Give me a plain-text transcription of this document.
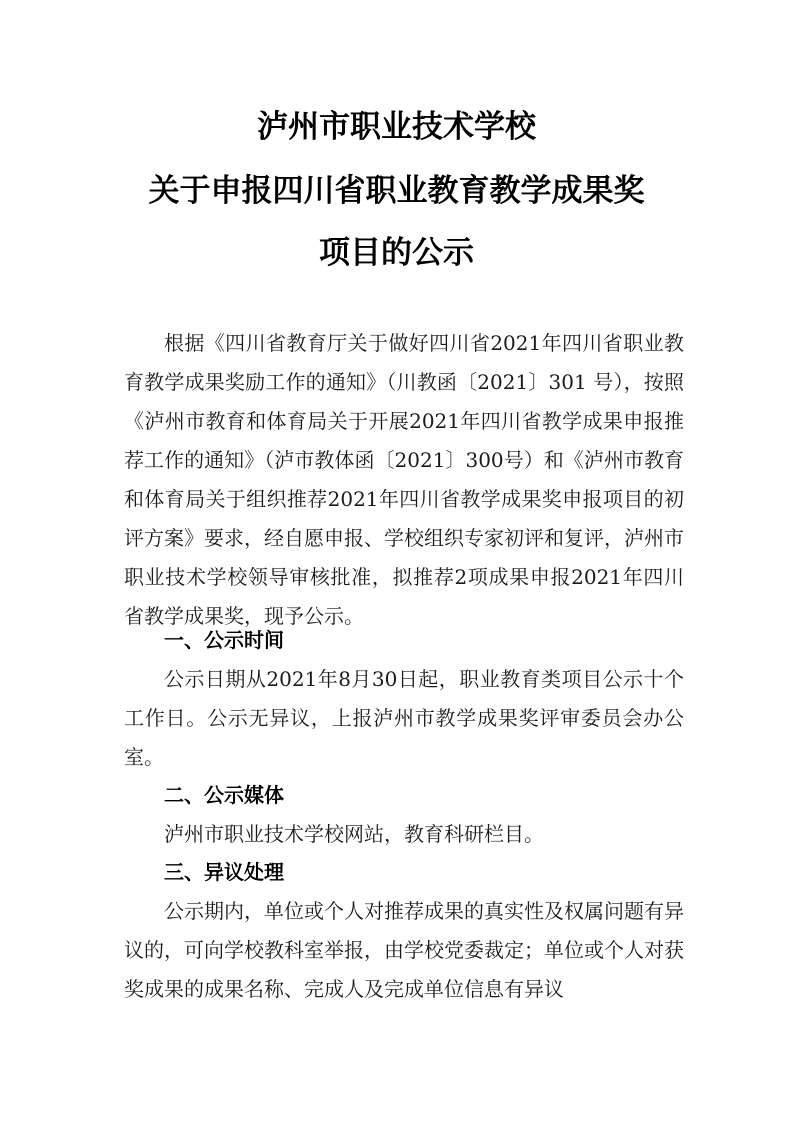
泸州市职业技术学校
关于申报四川省职业教育教学成果奖
项目的公示

根据《四川省教育厅关于做好四川省2021年四川省职业教育教学成果奖励工作的通知》（川教函〔2021〕301 号），按照《泸州市教育和体育局关于开展2021年四川省教学成果申报推荐工作的通知》（泸市教体函〔2021〕300号）和《泸州市教育和体育局关于组织推荐2021年四川省教学成果奖申报项目的初评方案》要求，经自愿申报、学校组织专家初评和复评，泸州市职业技术学校领导审核批准，拟推荐2项成果申报2021年四川省教学成果奖，现予公示。

一、公示时间

公示日期从2021年8月30日起，职业教育类项目公示十个工作日。公示无异议，上报泸州市教学成果奖评审委员会办公室。

二、公示媒体

泸州市职业技术学校网站，教育科研栏目。

三、异议处理

公示期内，单位或个人对推荐成果的真实性及权属问题有异议的，可向学校教科室举报，由学校党委裁定；单位或个人对获奖成果的成果名称、完成人及完成单位信息有异议
